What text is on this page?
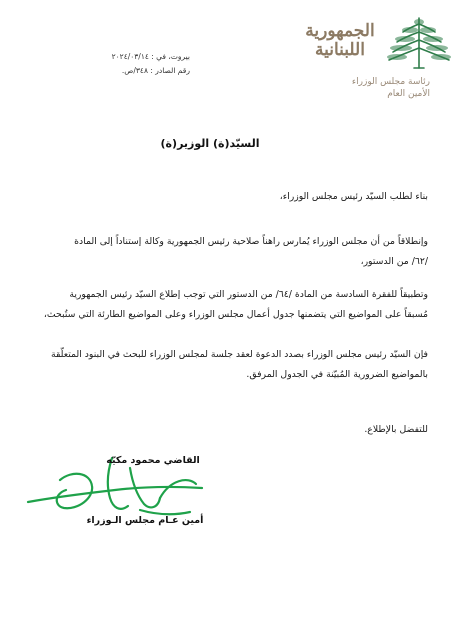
الجمهورية
اللبنانية
رئاسة مجلس الوزراء
الأمين العام
بيروت، في : ٢٠٢٤/٠٣/١٤
رقم الصادر : ٣٤٨/ص.
السيّد(ة) الوزير(ة)
بناء لطلب السيّد رئيس مجلس الوزراء،
وإنطلاقاً من أن مجلس الوزراء يُمارس راهناً صلاحية رئيس الجمهورية وكالة إستناداً إلى المادة
/٦٢/ من الدستور،
وتطبيقاً للفقرة السادسة من المادة /٦٤/ من الدستور التي توجب إطلاع السيّد رئيس الجمهورية
مُسبقاً على المواضيع التي يتضمنها جدول أعمال مجلس الوزراء وعلى المواضيع الطارئة التي ستُبحث،
فإن السيّد رئيس مجلس الوزراء بصدد الدعوة لعقد جلسة لمجلس الوزراء للبحث في البنود المتعلّقة
بالمواضيع الضرورية المُبيّنة في الجدول المرفق.
للتفضل بالإطلاع.
القاضي محمود مكيّه
أمين عـام مجلس الـوزراء
